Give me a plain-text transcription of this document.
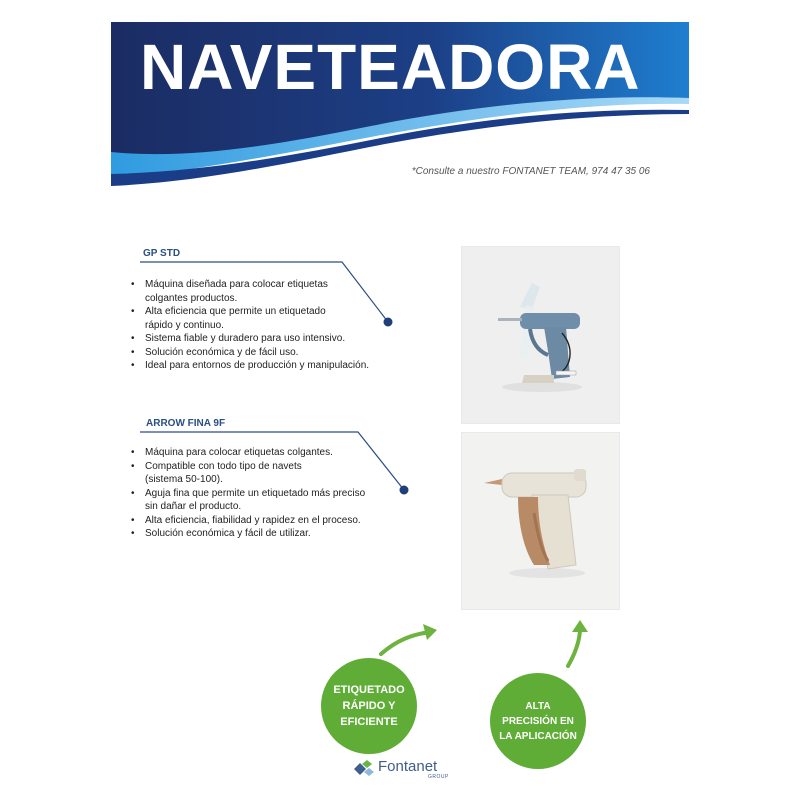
NAVETEADORA
*Consulte a nuestro FONTANET TEAM, 974 47 35 06
GP STD
• Máquina diseñada para colocar etiquetas
colgantes productos.
• Alta eficiencia que permite un etiquetado
rápido y continuo.
• Sistema fiable y duradero para uso intensivo.
• Solución económica y de fácil uso.
• Ideal para entornos de producción y manipulación.
ARROW FINA 9F
• Máquina para colocar etiquetas colgantes.
• Compatible con todo tipo de navets
(sistema 50-100).
• Aguja fina que permite un etiquetado más preciso
sin dañar el producto.
• Alta eficiencia, fiabilidad y rapidez en el proceso.
• Solución económica y fácil de utilizar.
ETIQUETADO RÁPIDO Y EFICIENTE
ALTA PRECISIÓN EN LA APLICACIÓN
Fontanet
GROUP
